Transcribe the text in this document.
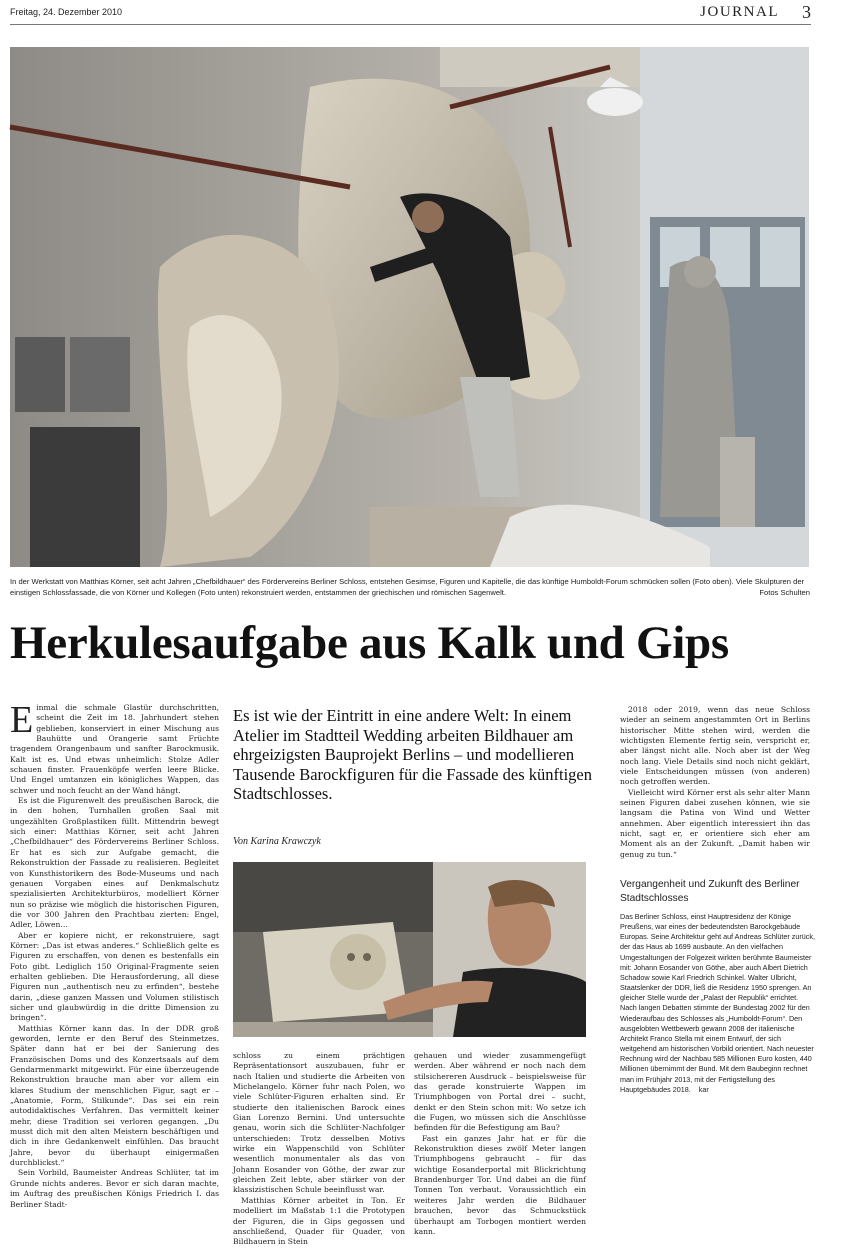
Freitag, 24. Dezember 2010	JOURNAL 3
In der Werkstatt von Matthias Körner, seit acht Jahren „Chefbildhauer“ des Fördervereins Berliner Schloss, entstehen Gesimse, Figuren und Kapitelle, die das künftige Humboldt-Forum schmücken sollen (Foto oben). Viele Skulpturen der einstigen Schlossfassade, die von Körner und Kollegen (Foto unten) rekonstruiert werden, entstammen der griechischen und römischen Sagenwelt.	Fotos Schulten
Herkulesaufgabe aus Kalk und Gips

Einmal die schmale Glastür durchschritten, scheint die Zeit im 18. Jahrhundert stehen geblieben, konserviert in einer Mischung aus Bauhütte und Orangerie samt Früchte tragendem Orangenbaum und sanfter Barockmusik. Kalt ist es. Und etwas unheimlich: Stolze Adler schauen finster. Frauenköpfe werfen leere Blicke. Und Engel umtanzen ein königliches Wappen, das schwer und noch feucht an der Wand hängt.

Es ist die Figurenwelt des preußischen Barock, die in den hohen, Turnhallen großen Saal mit ungezählten Großplastiken füllt. Mittendrin bewegt sich einer: Matthias Körner, seit acht Jahren „Chefbildhauer“ des Fördervereins Berliner Schloss. Er hat es sich zur Aufgabe gemacht, die Rekonstruktion der Fassade zu realisieren. Begleitet von Kunsthistorikern des Bode-Museums und nach genauen Vorgaben eines auf Denkmalschutz spezialisierten Architekturbüros, modelliert Körner nun so präzise wie möglich die historischen Figuren, die vor 300 Jahren den Prachtbau zierten: Engel, Adler, Löwen…

Aber er kopiere nicht, er rekonstruiere, sagt Körner: „Das ist etwas anderes.“ Schließlich gelte es Figuren zu erschaffen, von denen es bestenfalls ein Foto gibt. Lediglich 150 Original-Fragmente seien erhalten geblieben. Die Herausforderung, all diese Figuren nun „authentisch neu zu erfinden“, bestehe darin, „diese ganzen Massen und Volumen stilistisch sicher und glaubwürdig in die dritte Dimension zu bringen“.

Matthias Körner kann das. In der DDR groß geworden, lernte er den Beruf des Steinmetzes. Später dann hat er bei der Sanierung des Französischen Doms und des Konzertsaals auf dem Gendarmenmarkt mitgewirkt. Für eine überzeugende Rekonstruktion brauche man aber vor allem ein klares Studium der menschlichen Figur, sagt er – „Anatomie, Form, Stilkunde“. Das sei ein rein autodidaktisches Verfahren. Das vermittelt keiner mehr, diese Tradition sei verloren gegangen. „Du musst dich mit den alten Meistern beschäftigen und dich in ihre Gedankenwelt einfühlen. Das braucht Jahre, bevor du überhaupt einigermaßen durchblickst.“

Sein Vorbild, Baumeister Andreas Schlüter, tat im Grunde nichts anderes. Bevor er sich daran machte, im Auftrag des preußischen Königs Friedrich I. das Berliner Stadt-

Es ist wie der Eintritt in eine andere Welt: In einem Atelier im Stadtteil Wedding arbeiten Bildhauer am ehrgeizigsten Bauprojekt Berlins – und modellieren Tausende Barockfiguren für die Fassade des künftigen Stadtschlosses.
Von Karina Krawczyk

schloss zu einem prächtigen Repräsentationsort auszubauen, fuhr er nach Italien und studierte die Arbeiten von Michelangelo. Körner fuhr nach Polen, wo viele Schlüter-Figuren erhalten sind. Er studierte den italienischen Barock eines Gian Lorenzo Bernini. Und untersuchte genau, worin sich die Schlüter-Nachfolger unterschieden: Trotz desselben Motivs wirke ein Wappenschild von Schlüter wesentlich monumentaler als das von Johann Eosander von Göthe, der zwar zur gleichen Zeit lebte, aber stärker von der klassizistischen Schule beeinflusst war.

Matthias Körner arbeitet in Ton. Er modelliert im Maßstab 1:1 die Prototypen der Figuren, die in Gips gegossen und anschließend, Quader für Quader, von Bildhauern in Stein

gehauen und wieder zusammengefügt werden. Aber während er noch nach dem stilsichereren Ausdruck – beispielsweise für das gerade konstruierte Wappen im Triumphbogen von Portal drei – sucht, denkt er den Stein schon mit: Wo setze ich die Fugen, wo müssen sich die Anschlüsse befinden für die Befestigung am Bau?

Fast ein ganzes Jahr hat er für die Rekonstruktion dieses zwölf Meter langen Triumphbogens gebraucht – für das wichtige Eosanderportal mit Blickrichtung Brandenburger Tor. Und dabei an die fünf Tonnen Ton verbaut. Voraussichtlich ein weiteres Jahr werden die Bildhauer brauchen, bevor das Schmuckstück überhaupt am Torbogen montiert werden kann.

2018 oder 2019, wenn das neue Schloss wieder an seinem angestammten Ort in Berlins historischer Mitte stehen wird, werden die wichtigsten Elemente fertig sein, verspricht er, aber längst nicht alle. Noch aber ist der Weg noch lang. Viele Details sind noch nicht geklärt, viele Entscheidungen müssen (von anderen) noch getroffen werden.

Vielleicht wird Körner erst als sehr alter Mann seinen Figuren dabei zusehen können, wie sie langsam die Patina von Wind und Wetter annehmen. Aber eigentlich interessiert ihn das nicht, sagt er, er orientiere sich eher am Moment als an der Zukunft. „Damit haben wir genug zu tun.“

Vergangenheit und Zukunft des Berliner Stadtschlosses
Das Berliner Schloss, einst Hauptresidenz der Könige Preußens, war eines der bedeutendsten Barockgebäude Europas. Seine Architektur geht auf Andreas Schlüter zurück, der das Haus ab 1699 ausbaute. An den vielfachen Umgestaltungen der Folgezeit wirkten berühmte Baumeister mit: Johann Eosander von Göthe, aber auch Albert Dietrich Schadow sowie Karl Friedrich Schinkel. Walter Ulbricht, Staatslenker der DDR, ließ die Residenz 1950 sprengen. An gleicher Stelle wurde der „Palast der Republik“ errichtet. Nach langen Debatten stimmte der Bundestag 2002 für den Wiederaufbau des Schlosses als „Humboldt-Forum“. Den ausgelobten Wettbewerb gewann 2008 der italienische Architekt Franco Stella mit einem Entwurf, der sich weitgehend am historischen Vorbild orientiert. Nach neuester Rechnung wird der Nachbau 585 Millionen Euro kosten, 440 Millionen übernimmt der Bund. Mit dem Baubeginn rechnet man im Frühjahr 2013, mit der Fertigstellung des Hauptgebäudes 2018. kar
